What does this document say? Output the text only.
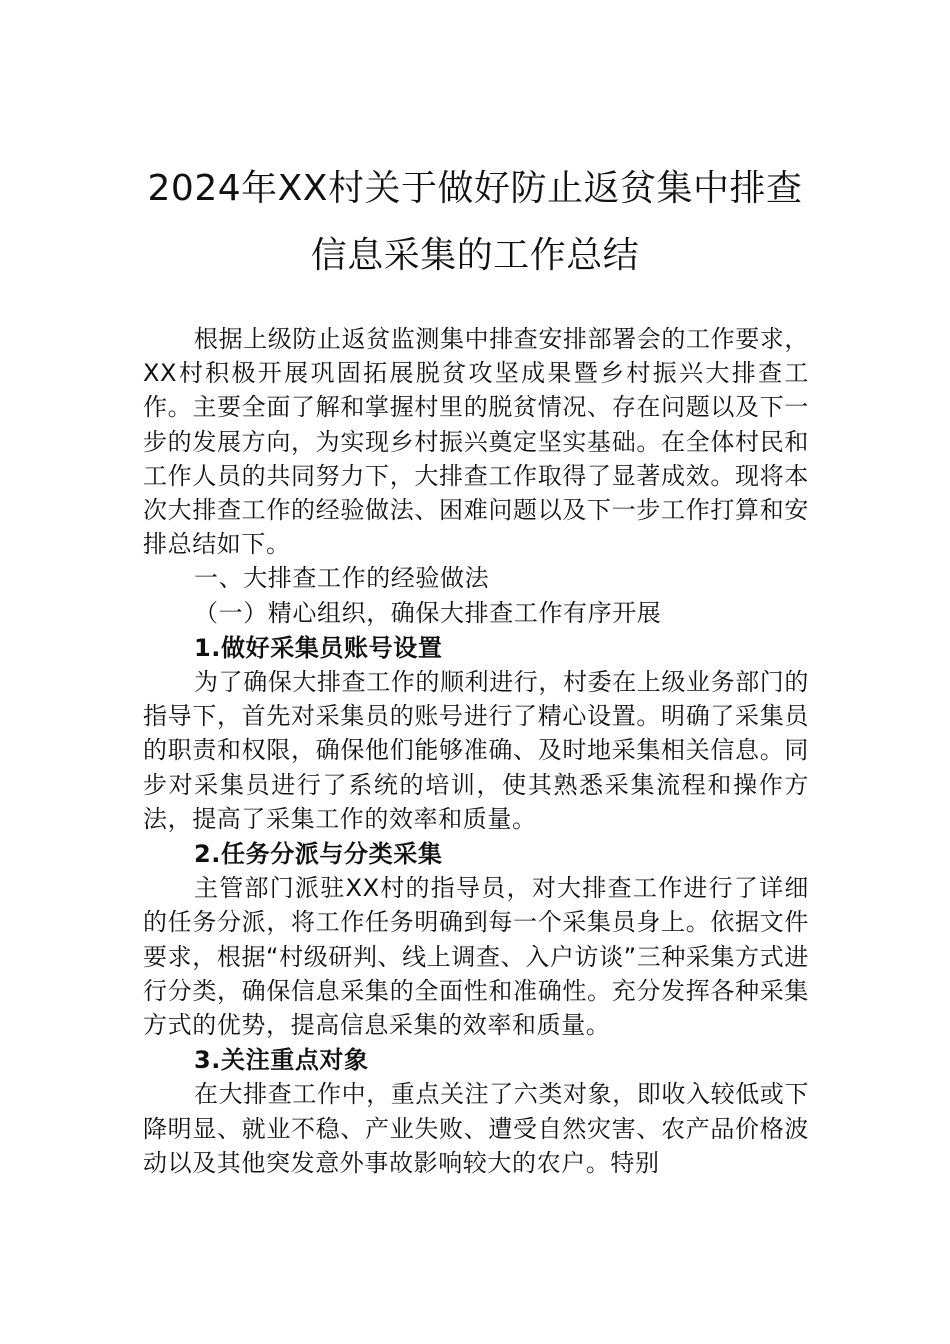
2024年XX村关于做好防止返贫集中排查
信息采集的工作总结

根据上级防止返贫监测集中排查安排部署会的工作要求，XX村积极开展巩固拓展脱贫攻坚成果暨乡村振兴大排查工作。主要全面了解和掌握村里的脱贫情况、存在问题以及下一步的发展方向，为实现乡村振兴奠定坚实基础。在全体村民和工作人员的共同努力下，大排查工作取得了显著成效。现将本次大排查工作的经验做法、困难问题以及下一步工作打算和安排总结如下。

一、大排查工作的经验做法

（一）精心组织，确保大排查工作有序开展

1.做好采集员账号设置

为了确保大排查工作的顺利进行，村委在上级业务部门的指导下，首先对采集员的账号进行了精心设置。明确了采集员的职责和权限，确保他们能够准确、及时地采集相关信息。同步对采集员进行了系统的培训，使其熟悉采集流程和操作方法，提高了采集工作的效率和质量。

2.任务分派与分类采集

主管部门派驻XX村的指导员，对大排查工作进行了详细的任务分派，将工作任务明确到每一个采集员身上。依据文件要求，根据“村级研判、线上调查、入户访谈”三种采集方式进行分类，确保信息采集的全面性和准确性。充分发挥各种采集方式的优势，提高信息采集的效率和质量。

3.关注重点对象

在大排查工作中，重点关注了六类对象，即收入较低或下降明显、就业不稳、产业失败、遭受自然灾害、农产品价格波动以及其他突发意外事故影响较大的农户。特别
